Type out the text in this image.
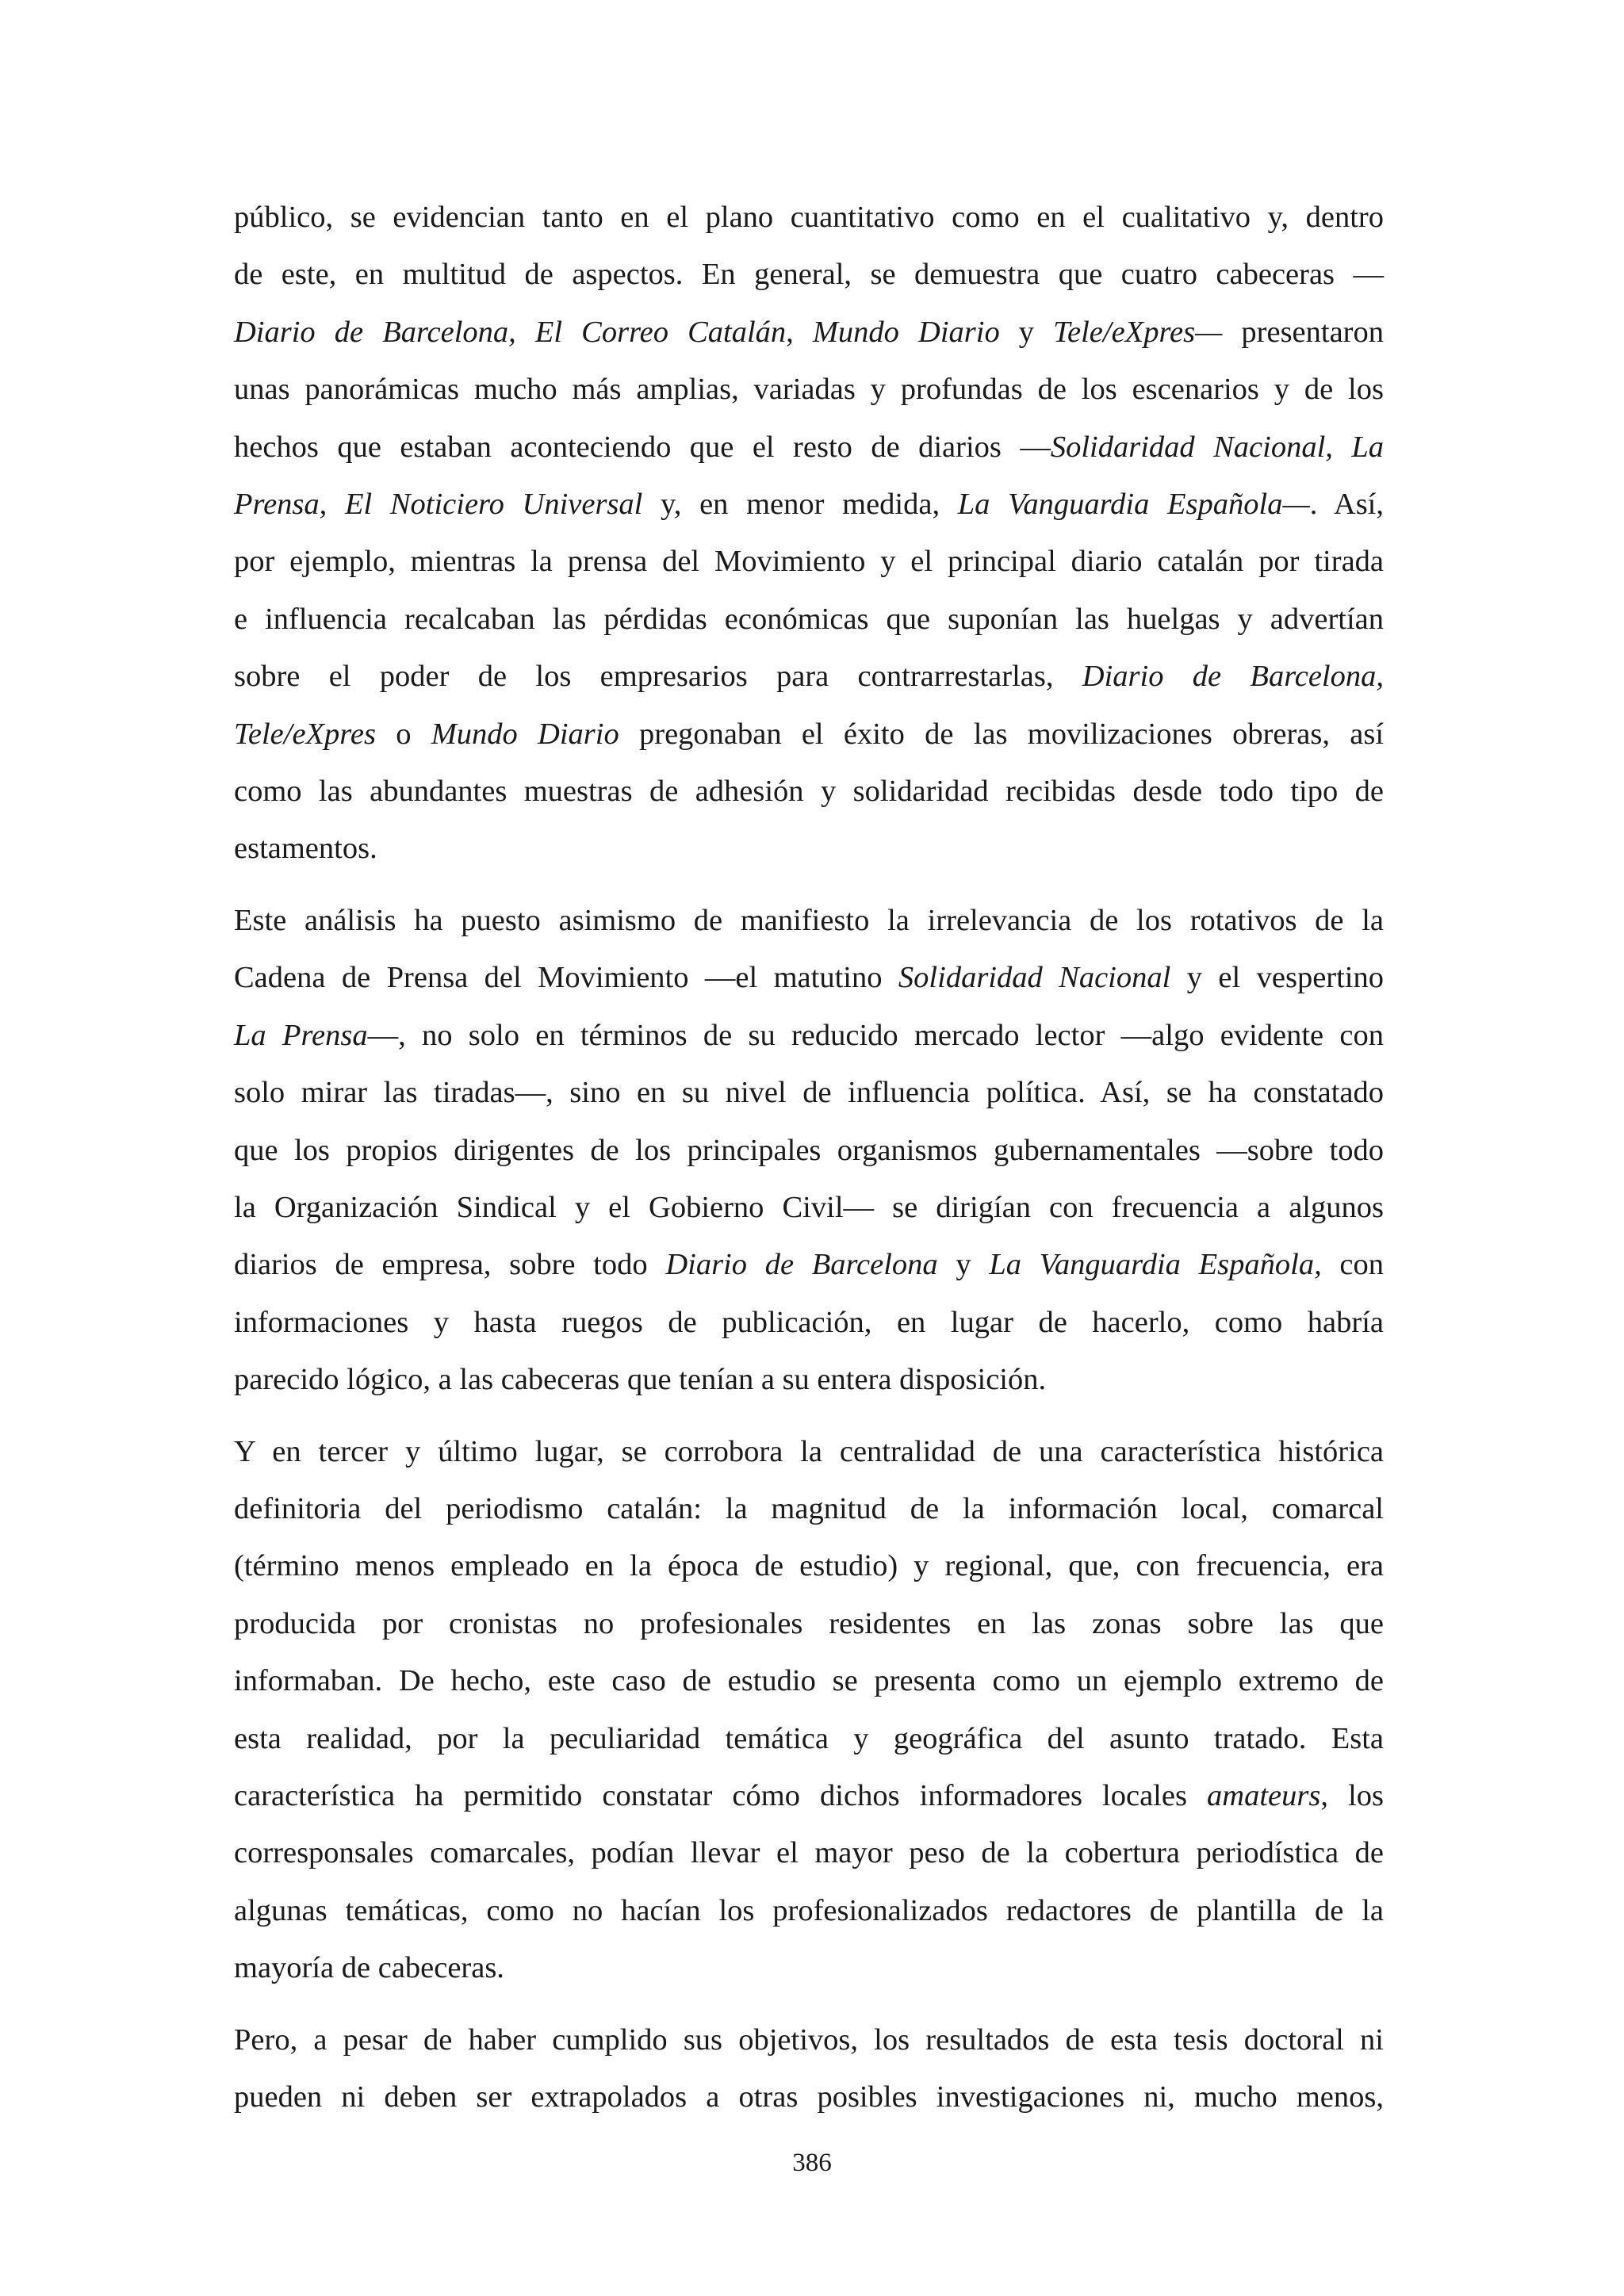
público, se evidencian tanto en el plano cuantitativo como en el cualitativo y, dentro
de este, en multitud de aspectos. En general, se demuestra que cuatro cabeceras —
Diario de Barcelona, El Correo Catalán, Mundo Diario y Tele/eXpres— presentaron
unas panorámicas mucho más amplias, variadas y profundas de los escenarios y de los
hechos que estaban aconteciendo que el resto de diarios —Solidaridad Nacional, La
Prensa, El Noticiero Universal y, en menor medida, La Vanguardia Española—. Así,
por ejemplo, mientras la prensa del Movimiento y el principal diario catalán por tirada
e influencia recalcaban las pérdidas económicas que suponían las huelgas y advertían
sobre el poder de los empresarios para contrarrestarlas, Diario de Barcelona,
Tele/eXpres o Mundo Diario pregonaban el éxito de las movilizaciones obreras, así
como las abundantes muestras de adhesión y solidaridad recibidas desde todo tipo de
estamentos.

Este análisis ha puesto asimismo de manifiesto la irrelevancia de los rotativos de la
Cadena de Prensa del Movimiento —el matutino Solidaridad Nacional y el vespertino
La Prensa—, no solo en términos de su reducido mercado lector —algo evidente con
solo mirar las tiradas—, sino en su nivel de influencia política. Así, se ha constatado
que los propios dirigentes de los principales organismos gubernamentales —sobre todo
la Organización Sindical y el Gobierno Civil— se dirigían con frecuencia a algunos
diarios de empresa, sobre todo Diario de Barcelona y La Vanguardia Española, con
informaciones y hasta ruegos de publicación, en lugar de hacerlo, como habría
parecido lógico, a las cabeceras que tenían a su entera disposición.

Y en tercer y último lugar, se corrobora la centralidad de una característica histórica
definitoria del periodismo catalán: la magnitud de la información local, comarcal
(término menos empleado en la época de estudio) y regional, que, con frecuencia, era
producida por cronistas no profesionales residentes en las zonas sobre las que
informaban. De hecho, este caso de estudio se presenta como un ejemplo extremo de
esta realidad, por la peculiaridad temática y geográfica del asunto tratado. Esta
característica ha permitido constatar cómo dichos informadores locales amateurs, los
corresponsales comarcales, podían llevar el mayor peso de la cobertura periodística de
algunas temáticas, como no hacían los profesionalizados redactores de plantilla de la
mayoría de cabeceras.

Pero, a pesar de haber cumplido sus objetivos, los resultados de esta tesis doctoral ni
pueden ni deben ser extrapolados a otras posibles investigaciones ni, mucho menos,

386
